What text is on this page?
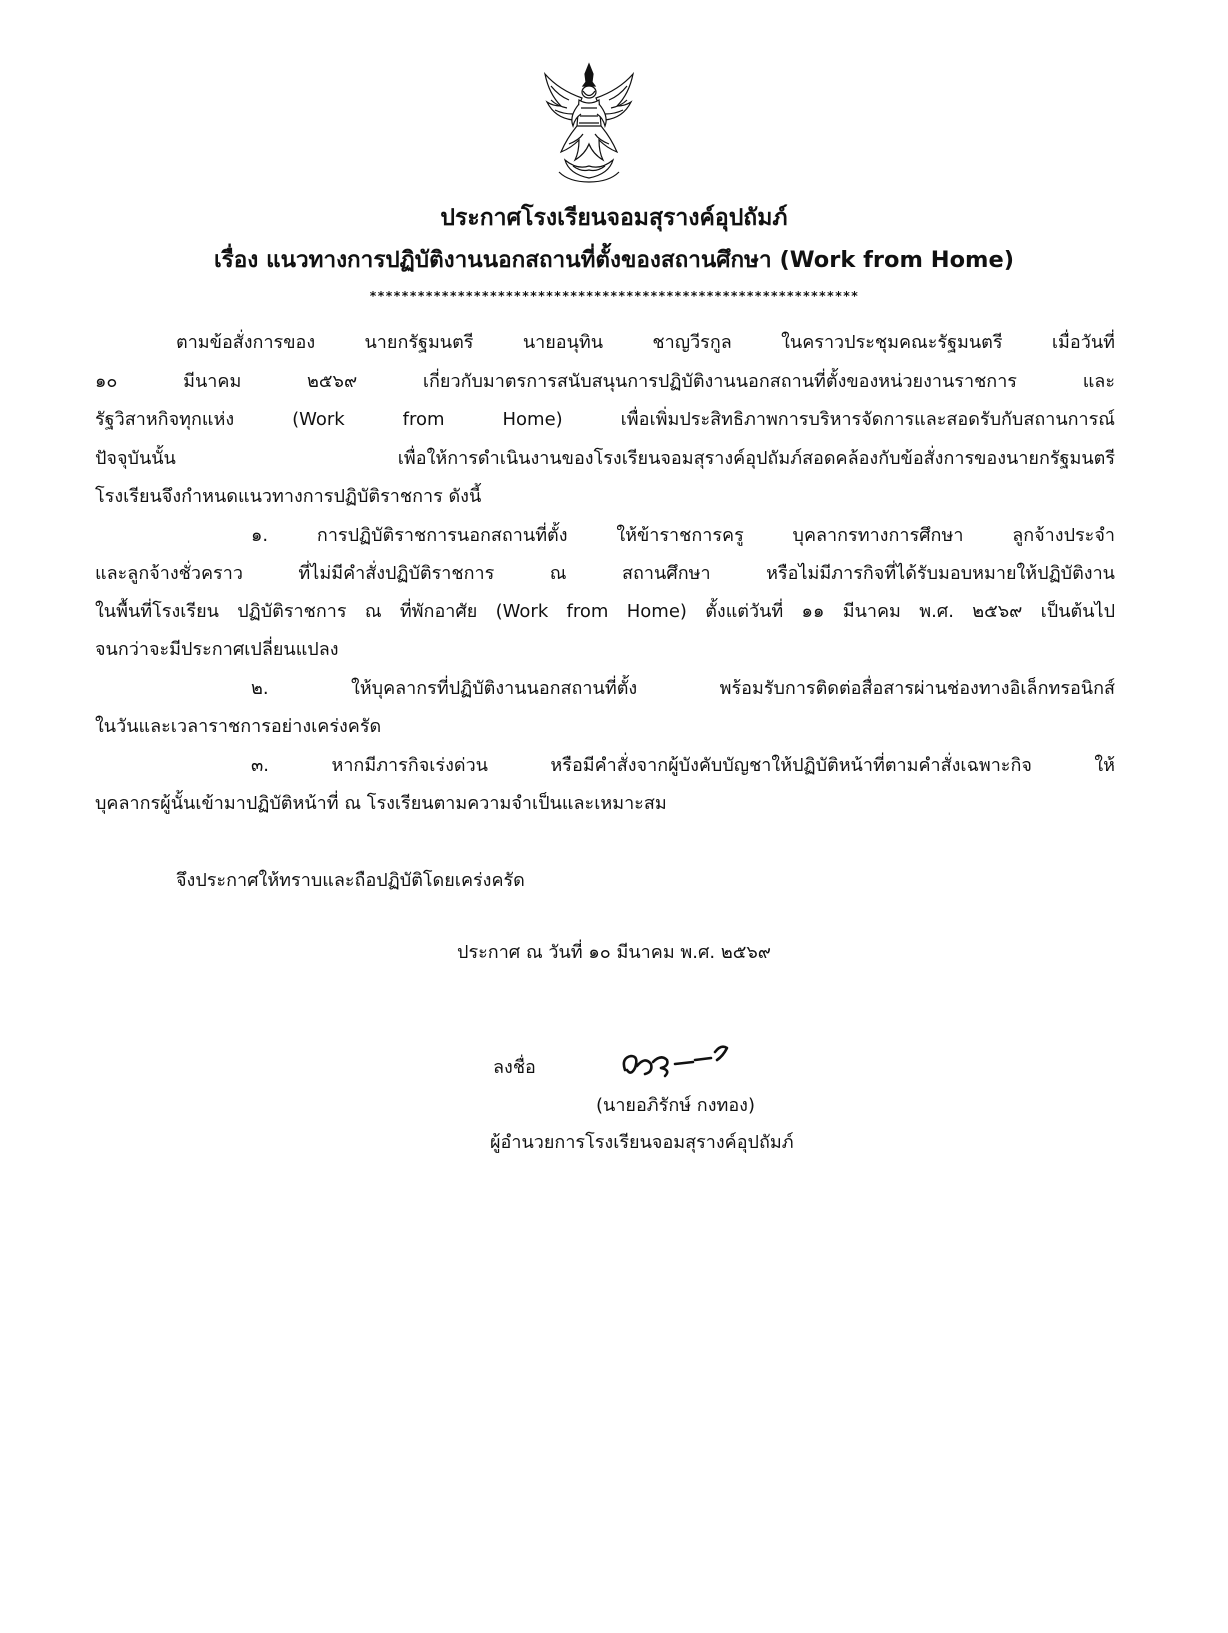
ประกาศโรงเรียนจอมสุรางค์อุปถัมภ์
เรื่อง แนวทางการปฏิบัติงานนอกสถานที่ตั้งของสถานศึกษา (Work from Home)
*************************************************************
ตามข้อสั่งการของ นายกรัฐมนตรี นายอนุทิน ชาญวีรกูล ในคราวประชุมคณะรัฐมนตรี เมื่อวันที่
๑๐ มีนาคม ๒๕๖๙ เกี่ยวกับมาตรการสนับสนุนการปฏิบัติงานนอกสถานที่ตั้งของหน่วยงานราชการ และ
รัฐวิสาหกิจทุกแห่ง (Work from Home) เพื่อเพิ่มประสิทธิภาพการบริหารจัดการและสอดรับกับสถานการณ์
ปัจจุบันนั้น เพื่อให้การดำเนินงานของโรงเรียนจอมสุรางค์อุปถัมภ์สอดคล้องกับข้อสั่งการของนายกรัฐมนตรี
โรงเรียนจึงกำหนดแนวทางการปฏิบัติราชการ ดังนี้
๑. การปฏิบัติราชการนอกสถานที่ตั้ง ให้ข้าราชการครู บุคลากรทางการศึกษา ลูกจ้างประจำ
และลูกจ้างชั่วคราว ที่ไม่มีคำสั่งปฏิบัติราชการ ณ สถานศึกษา หรือไม่มีภารกิจที่ได้รับมอบหมายให้ปฏิบัติงาน
ในพื้นที่โรงเรียน ปฏิบัติราชการ ณ ที่พักอาศัย (Work from Home) ตั้งแต่วันที่ ๑๑ มีนาคม พ.ศ. ๒๕๖๙ เป็นต้นไป
จนกว่าจะมีประกาศเปลี่ยนแปลง
๒. ให้บุคลากรที่ปฏิบัติงานนอกสถานที่ตั้ง พร้อมรับการติดต่อสื่อสารผ่านช่องทางอิเล็กทรอนิกส์
ในวันและเวลาราชการอย่างเคร่งครัด
๓. หากมีภารกิจเร่งด่วน หรือมีคำสั่งจากผู้บังคับบัญชาให้ปฏิบัติหน้าที่ตามคำสั่งเฉพาะกิจ ให้
บุคลากรผู้นั้นเข้ามาปฏิบัติหน้าที่ ณ โรงเรียนตามความจำเป็นและเหมาะสม
จึงประกาศให้ทราบและถือปฏิบัติโดยเคร่งครัด
ประกาศ ณ วันที่ ๑๐ มีนาคม พ.ศ. ๒๕๖๙
ลงชื่อ
(นายอภิรักษ์ กงทอง)
ผู้อำนวยการโรงเรียนจอมสุรางค์อุปถัมภ์
